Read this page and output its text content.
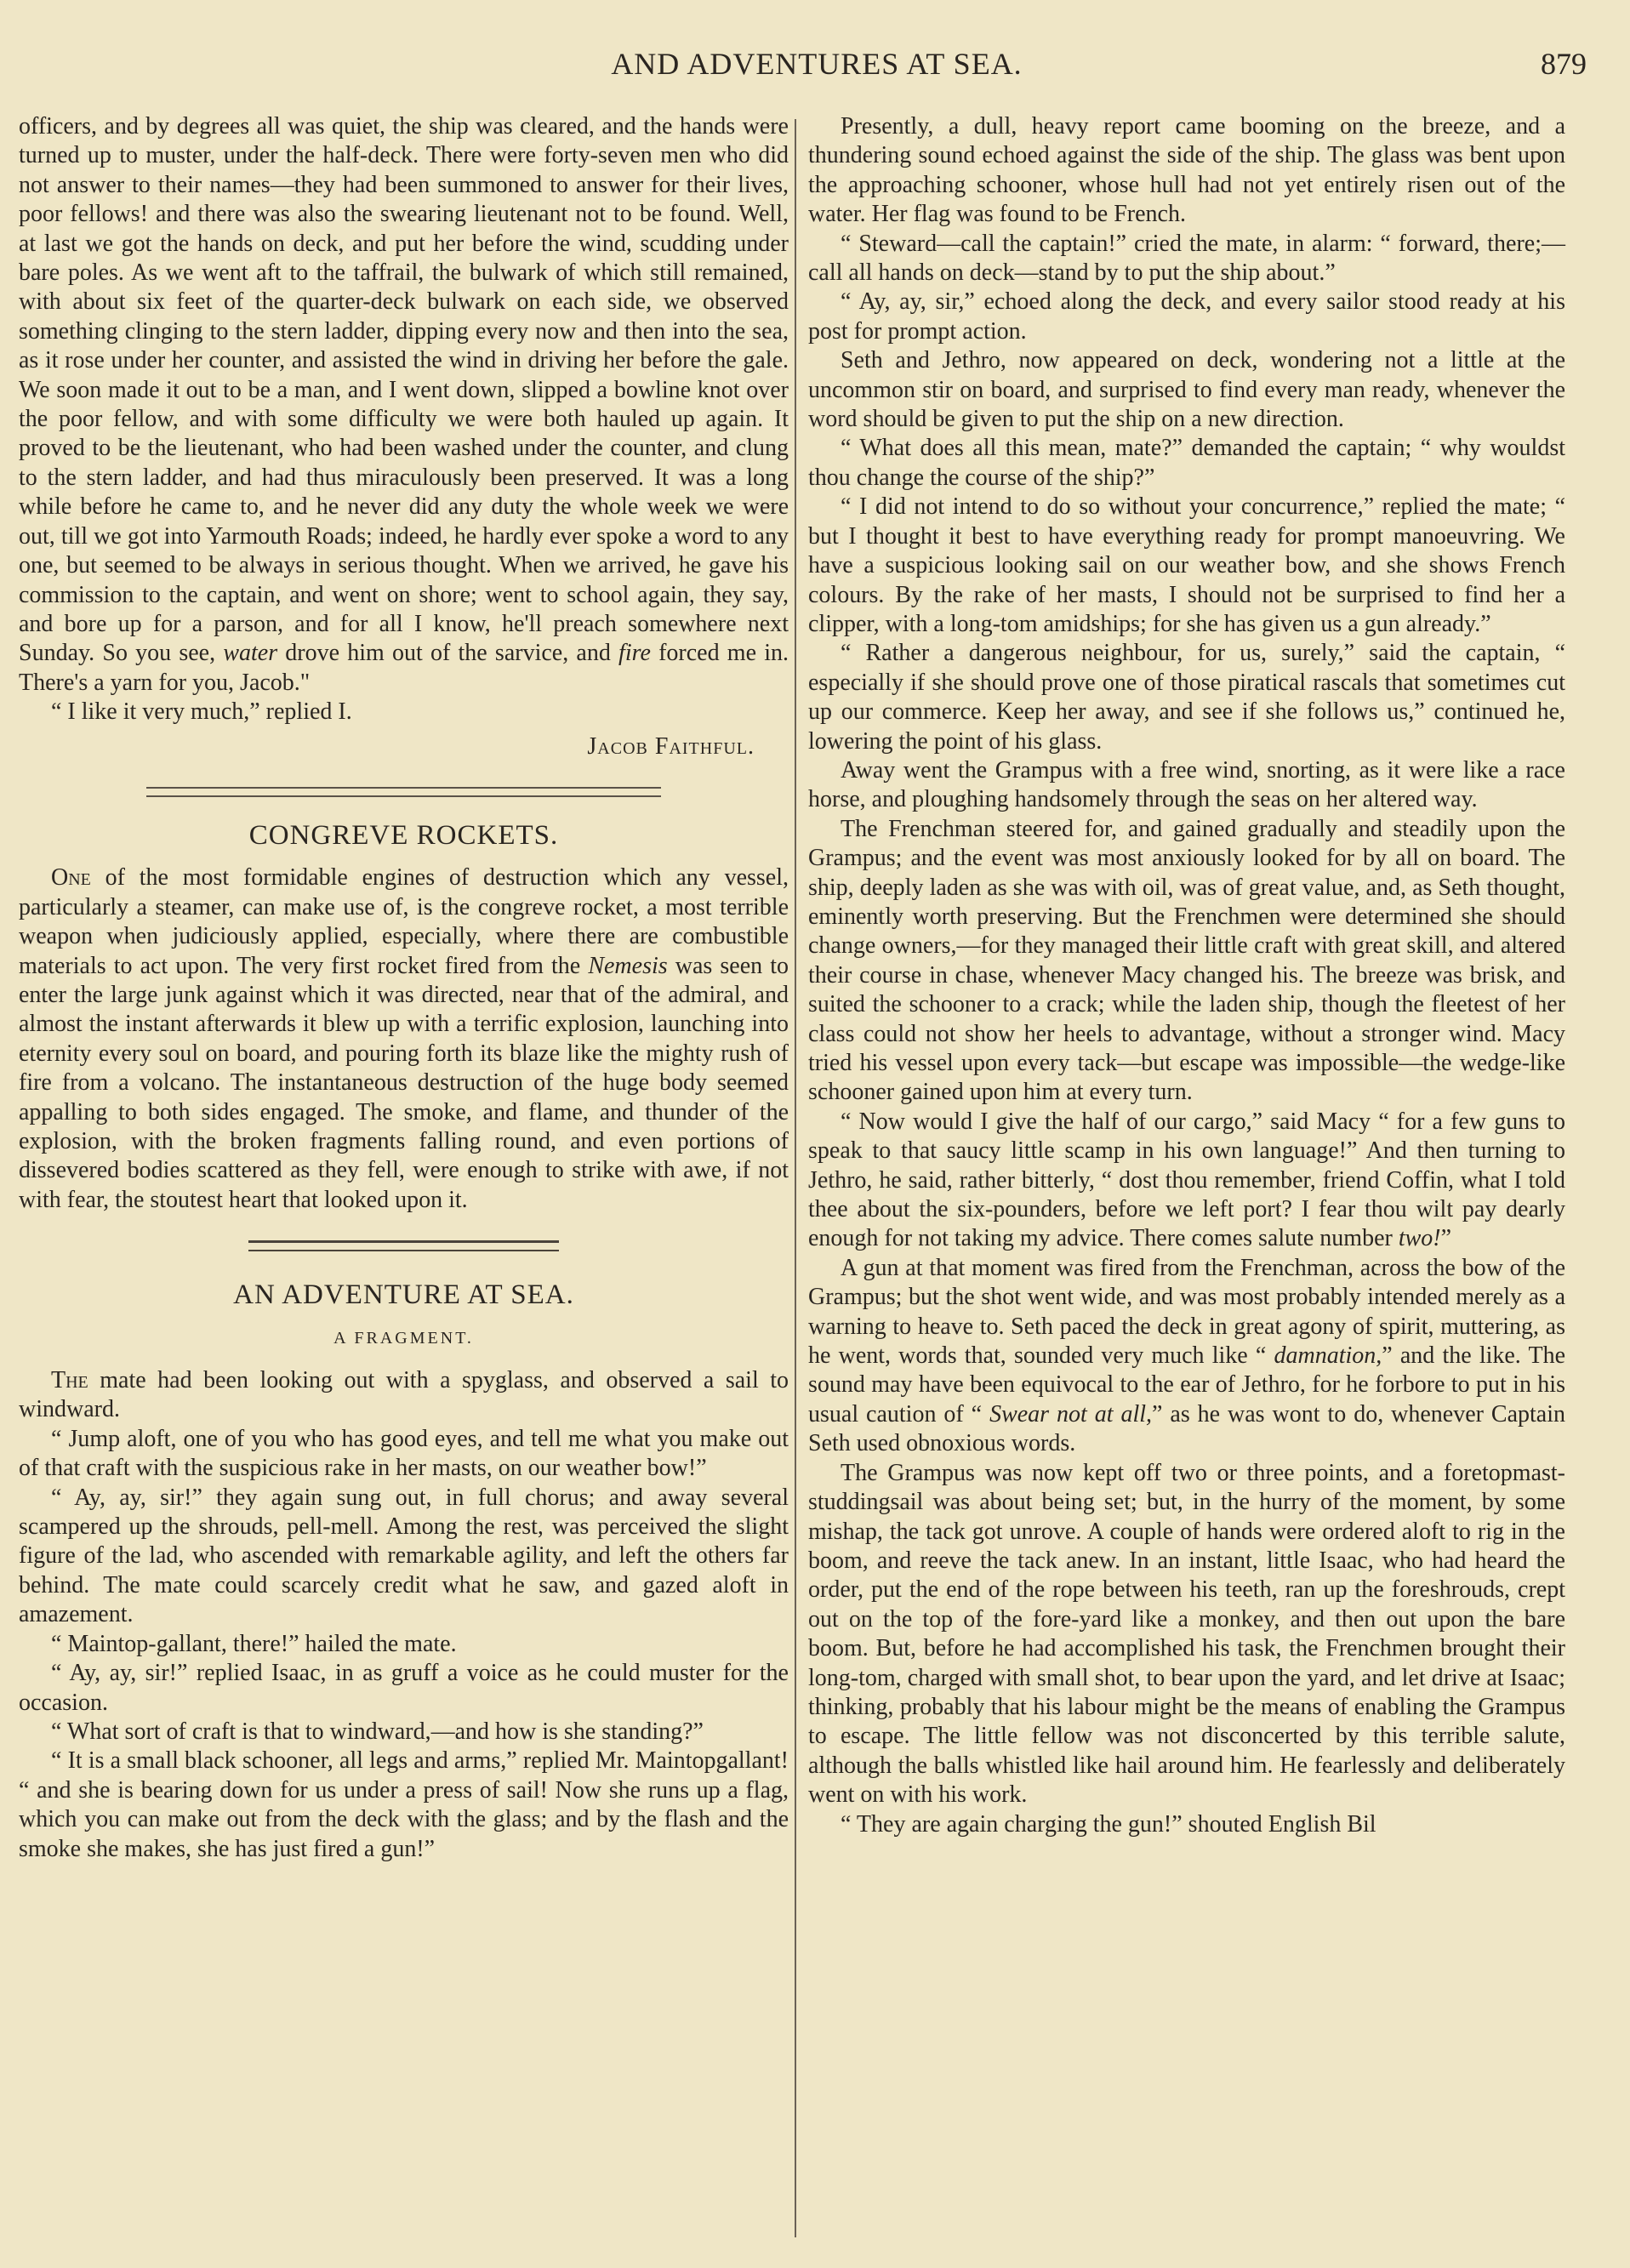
AND ADVENTURES AT SEA.	879

officers, and by degrees all was quiet, the ship was cleared, and the hands were turned up to muster, under the half-deck. There were forty-seven men who did not answer to their names—they had been summoned to answer for their lives, poor fellows! and there was also the swearing lieutenant not to be found. Well, at last we got the hands on deck, and put her before the wind, scudding under bare poles. As we went aft to the taffrail, the bulwark of which still remained, with about six feet of the quarter-deck bulwark on each side, we observed something clinging to the stern ladder, dipping every now and then into the sea, as it rose under her counter, and assisted the wind in driving her before the gale. We soon made it out to be a man, and I went down, slipped a bowline knot over the poor fellow, and with some difficulty we were both hauled up again. It proved to be the lieutenant, who had been washed under the counter, and clung to the stern ladder, and had thus miraculously been preserved. It was a long while before he came to, and he never did any duty the whole week we were out, till we got into Yarmouth Roads; indeed, he hardly ever spoke a word to any one, but seemed to be always in serious thought. When we arrived, he gave his commission to the captain, and went on shore; went to school again, they say, and bore up for a parson, and for all I know, he'll preach somewhere next Sunday. So you see, water drove him out of the sarvice, and fire forced me in. There's a yarn for you, Jacob."

“ I like it very much,” replied I.

Jacob Faithful.

CONGREVE ROCKETS.

One of the most formidable engines of destruction which any vessel, particularly a steamer, can make use of, is the congreve rocket, a most terrible weapon when judiciously applied, especially, where there are combustible materials to act upon. The very first rocket fired from the Nemesis was seen to enter the large junk against which it was directed, near that of the admiral, and almost the instant afterwards it blew up with a terrific explosion, launching into eternity every soul on board, and pouring forth its blaze like the mighty rush of fire from a volcano. The instantaneous destruction of the huge body seemed appalling to both sides engaged. The smoke, and flame, and thunder of the explosion, with the broken fragments falling round, and even portions of dissevered bodies scattered as they fell, were enough to strike with awe, if not with fear, the stoutest heart that looked upon it.

AN ADVENTURE AT SEA.
A FRAGMENT.

The mate had been looking out with a spyglass, and observed a sail to windward.

“ Jump aloft, one of you who has good eyes, and tell me what you make out of that craft with the suspicious rake in her masts, on our weather bow!”

“ Ay, ay, sir!” they again sung out, in full chorus; and away several scampered up the shrouds, pell-mell. Among the rest, was perceived the slight figure of the lad, who ascended with remarkable agility, and left the others far behind. The mate could scarcely credit what he saw, and gazed aloft in amazement.

“ Maintop-gallant, there!” hailed the mate.

“ Ay, ay, sir!” replied Isaac, in as gruff a voice as he could muster for the occasion.

“ What sort of craft is that to windward,—and how is she standing?”

“ It is a small black schooner, all legs and arms,” replied Mr. Maintopgallant! “ and she is bearing down for us under a press of sail! Now she runs up a flag, which you can make out from the deck with the glass; and by the flash and the smoke she makes, she has just fired a gun!”

Presently, a dull, heavy report came booming on the breeze, and a thundering sound echoed against the side of the ship. The glass was bent upon the approaching schooner, whose hull had not yet entirely risen out of the water. Her flag was found to be French.

“ Steward—call the captain!” cried the mate, in alarm: “ forward, there;—call all hands on deck—stand by to put the ship about.”

“ Ay, ay, sir,” echoed along the deck, and every sailor stood ready at his post for prompt action.

Seth and Jethro, now appeared on deck, wondering not a little at the uncommon stir on board, and surprised to find every man ready, whenever the word should be given to put the ship on a new direction.

“ What does all this mean, mate?” demanded the captain; “ why wouldst thou change the course of the ship?”

“ I did not intend to do so without your concurrence,” replied the mate; “ but I thought it best to have everything ready for prompt manoeuvring. We have a suspicious looking sail on our weather bow, and she shows French colours. By the rake of her masts, I should not be surprised to find her a clipper, with a long-tom amidships; for she has given us a gun already.”

“ Rather a dangerous neighbour, for us, surely,” said the captain, “ especially if she should prove one of those piratical rascals that sometimes cut up our commerce. Keep her away, and see if she follows us,” continued he, lowering the point of his glass.

Away went the Grampus with a free wind, snorting, as it were like a race horse, and ploughing handsomely through the seas on her altered way.

The Frenchman steered for, and gained gradually and steadily upon the Grampus; and the event was most anxiously looked for by all on board. The ship, deeply laden as she was with oil, was of great value, and, as Seth thought, eminently worth preserving. But the Frenchmen were determined she should change owners,—for they managed their little craft with great skill, and altered their course in chase, whenever Macy changed his. The breeze was brisk, and suited the schooner to a crack; while the laden ship, though the fleetest of her class could not show her heels to advantage, without a stronger wind. Macy tried his vessel upon every tack—but escape was impossible—the wedge-like schooner gained upon him at every turn.

“ Now would I give the half of our cargo,” said Macy “ for a few guns to speak to that saucy little scamp in his own language!” And then turning to Jethro, he said, rather bitterly, “ dost thou remember, friend Coffin, what I told thee about the six-pounders, before we left port? I fear thou wilt pay dearly enough for not taking my advice. There comes salute number two!”

A gun at that moment was fired from the Frenchman, across the bow of the Grampus; but the shot went wide, and was most probably intended merely as a warning to heave to. Seth paced the deck in great agony of spirit, muttering, as he went, words that, sounded very much like “ damnation,” and the like. The sound may have been equivocal to the ear of Jethro, for he forbore to put in his usual caution of “ Swear not at all,” as he was wont to do, whenever Captain Seth used obnoxious words.

The Grampus was now kept off two or three points, and a foretopmast-studdingsail was about being set; but, in the hurry of the moment, by some mishap, the tack got unrove. A couple of hands were ordered aloft to rig in the boom, and reeve the tack anew. In an instant, little Isaac, who had heard the order, put the end of the rope between his teeth, ran up the foreshrouds, crept out on the top of the fore-yard like a monkey, and then out upon the bare boom. But, before he had accomplished his task, the Frenchmen brought their long-tom, charged with small shot, to bear upon the yard, and let drive at Isaac; thinking, probably that his labour might be the means of enabling the Grampus to escape. The little fellow was not disconcerted by this terrible salute, although the balls whistled like hail around him. He fearlessly and deliberately went on with his work.

“ They are again charging the gun!” shouted English Bil
